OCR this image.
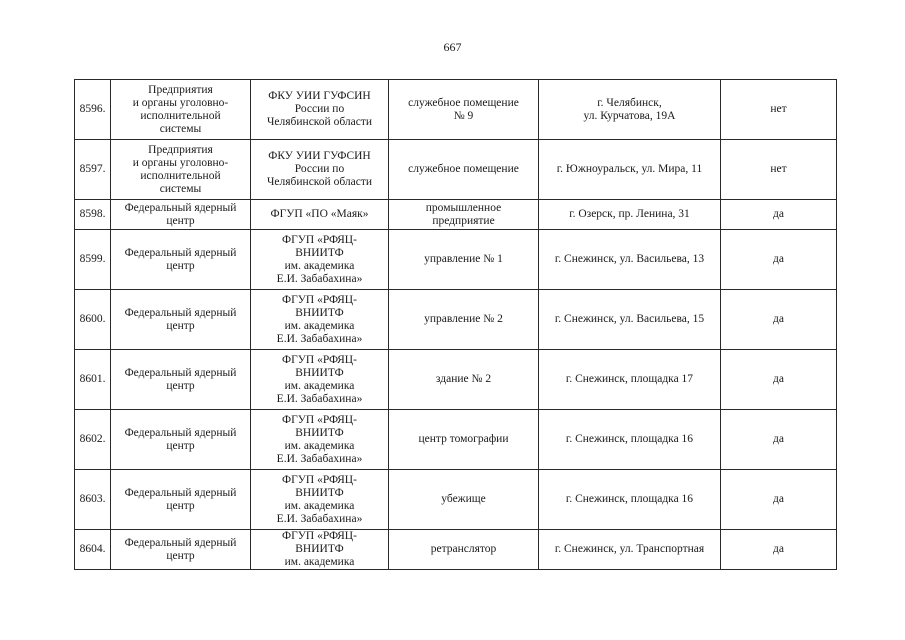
667
8596.	Предприятия
и органы уголовно-
исполнительной
системы	ФКУ УИИ ГУФСИН
России по
Челябинской области	служебное помещение
№ 9	г. Челябинск,
ул. Курчатова, 19А	нет
8597.	Предприятия
и органы уголовно-
исполнительной
системы	ФКУ УИИ ГУФСИН
России по
Челябинской области	служебное помещение	г. Южноуральск, ул. Мира, 11	нет
8598.	Федеральный ядерный
центр	ФГУП «ПО «Маяк»	промышленное
предприятие	г. Озерск, пр. Ленина, 31	да
8599.	Федеральный ядерный
центр	ФГУП «РФЯЦ-
ВНИИТФ
им. академика
Е.И. Забабахина»	управление № 1	г. Снежинск, ул. Васильева, 13	да
8600.	Федеральный ядерный
центр	ФГУП «РФЯЦ-
ВНИИТФ
им. академика
Е.И. Забабахина»	управление № 2	г. Снежинск, ул. Васильева, 15	да
8601.	Федеральный ядерный
центр	ФГУП «РФЯЦ-
ВНИИТФ
им. академика
Е.И. Забабахина»	здание № 2	г. Снежинск, площадка 17	да
8602.	Федеральный ядерный
центр	ФГУП «РФЯЦ-
ВНИИТФ
им. академика
Е.И. Забабахина»	центр томографии	г. Снежинск, площадка 16	да
8603.	Федеральный ядерный
центр	ФГУП «РФЯЦ-
ВНИИТФ
им. академика
Е.И. Забабахина»	убежище	г. Снежинск, площадка 16	да
8604.	Федеральный ядерный
центр	ФГУП «РФЯЦ-
ВНИИТФ
им. академика	ретранслятор	г. Снежинск, ул. Транспортная	да
